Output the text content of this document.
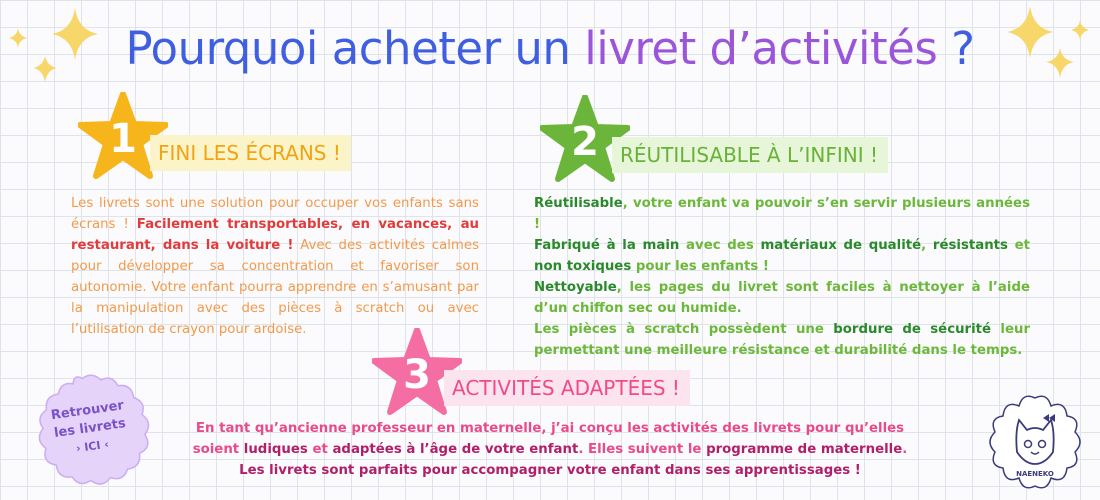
Pourquoi acheter un livret d’activités ?
1	FINI LES ÉCRANS !
Les livrets sont une solution pour occuper vos enfants sans écrans ! Facilement transportables, en vacances, au restaurant, dans la voiture ! Avec des activités calmes pour développer sa concentration et favoriser son autonomie. Votre enfant pourra apprendre en s’amusant par la manipulation avec des pièces à scratch ou avec l’utilisation de crayon pour ardoise.
2	RÉUTILISABLE À L’INFINI !
Réutilisable, votre enfant va pouvoir s’en servir plusieurs années !
Fabriqué à la main avec des matériaux de qualité, résistants et non toxiques pour les enfants !
Nettoyable, les pages du livret sont faciles à nettoyer à l’aide d’un chiffon sec ou humide.
Les pièces à scratch possèdent une bordure de sécurité leur permettant une meilleure résistance et durabilité dans le temps.
3	ACTIVITÉS ADAPTÉES !
En tant qu’ancienne professeur en maternelle, j’ai conçu les activités des livrets pour qu’elles
soient ludiques et adaptées à l’âge de votre enfant. Elles suivent le programme de maternelle.
Les livrets sont parfaits pour accompagner votre enfant dans ses apprentissages !
Retrouver
les livrets
› ICI ‹
NAENEKO
